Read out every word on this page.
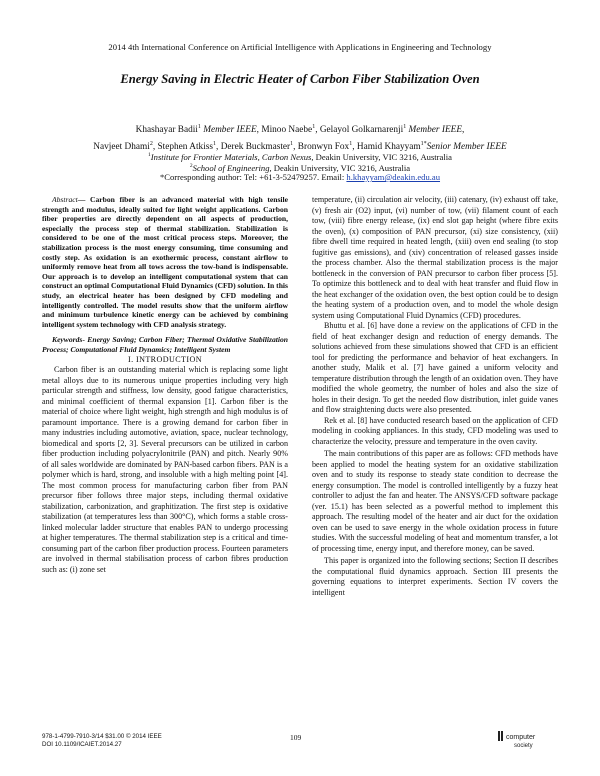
2014 4th International Conference on Artificial Intelligence with Applications in Engineering and Technology
Energy Saving in Electric Heater of Carbon Fiber Stabilization Oven
Khashayar Badii$^1$ Member IEEE, Minoo Naebe$^1$, Gelayol Golkarnarenji$^1$ Member IEEE,
Navjeet Dhami$^2$, Stephen Atkiss$^1$, Derek Buckmaster$^1$, Bronwyn Fox$^1$, Hamid Khayyam$^{1*}$Senior Member IEEE
$^1$Institute for Frontier Materials, Carbon Nexus, Deakin University, VIC 3216, Australia
$^2$School of Engineering, Deakin University, VIC 3216, Australia
*Corresponding author: Tel: +61-3-52479257. Email: h.khayyam@deakin.edu.au

Abstract— Carbon fiber is an advanced material with high tensile strength and modulus, ideally suited for light weight applications. Carbon fiber properties are directly dependent on all aspects of production, especially the process step of thermal stabilization. Stabilization is considered to be one of the most critical process steps. Moreover, the stabilization process is the most energy consuming, time consuming and costly step. As oxidation is an exothermic process, constant airflow to uniformly remove heat from all tows across the tow-band is indispensable. Our approach is to develop an intelligent computational system that can construct an optimal Computational Fluid Dynamics (CFD) solution. In this study, an electrical heater has been designed by CFD modeling and intelligently controlled. The model results show that the uniform airflow and minimum turbulence kinetic energy can be achieved by combining intelligent system technology with CFD analysis strategy.

Keywords- Energy Saving; Carbon Fiber; Thermal Oxidative Stabilization Process; Computational Fluid Dynamics; Intelligent System

I. INTRODUCTION

Carbon fiber is an outstanding material which is replacing some light metal alloys due to its numerous unique properties including very high particular strength and stiffness, low density, good fatigue characteristics, and minimal coefficient of thermal expansion [1]. Carbon fiber is the material of choice where light weight, high strength and high modulus is of paramount importance. There is a growing demand for carbon fiber in many industries including automotive, aviation, space, nuclear technology, biomedical and sports [2, 3]. Several precursors can be utilized in carbon fiber production including polyacrylonitrile (PAN) and pitch. Nearly 90% of all sales worldwide are dominated by PAN-based carbon fibers. PAN is a polymer which is hard, strong, and insoluble with a high melting point [4]. The most common process for manufacturing carbon fiber from PAN precursor fiber follows three major steps, including thermal oxidative stabilization, carbonization, and graphitization. The first step is oxidative stabilization (at temperatures less than 300°C), which forms a stable cross-linked molecular ladder structure that enables PAN to undergo processing at higher temperatures. The thermal stabilization step is a critical and time-consuming part of the carbon fiber production process. Fourteen parameters are involved in thermal stabilisation process of carbon fibres production such as: (i) zone set

temperature, (ii) circulation air velocity, (iii) catenary, (iv) exhaust off take, (v) fresh air (O2) input, (vi) number of tow, (vii) filament count of each tow, (viii) fibre energy release, (ix) end slot gap height (where fibre exits the oven), (x) composition of PAN precursor, (xi) size consistency, (xii) fibre dwell time required in heated length, (xiii) oven end sealing (to stop fugitive gas emissions), and (xiv) concentration of released gasses inside the process chamber. Also the thermal stabilization process is the major bottleneck in the conversion of PAN precursor to carbon fiber process [5]. To optimize this bottleneck and to deal with heat transfer and fluid flow in the heat exchanger of the oxidation oven, the best option could be to design the heating system of a production oven, and to model the whole design system using Computational Fluid Dynamics (CFD) procedures.

Bhuttu et al. [6] have done a review on the applications of CFD in the field of heat exchanger design and reduction of energy demands. The solutions achieved from these simulations showed that CFD is an efficient tool for predicting the performance and behavior of heat exchangers. In another study, Malik et al. [7] have gained a uniform velocity and temperature distribution through the length of an oxidation oven. They have modified the whole geometry, the number of holes and also the size of holes in their design. To get the needed flow distribution, inlet guide vanes and flow straightening ducts were also presented.

Rek et al. [8] have conducted research based on the application of CFD modeling in cooking appliances. In this study, CFD modeling was used to characterize the velocity, pressure and temperature in the oven cavity.

The main contributions of this paper are as follows: CFD methods have been applied to model the heating system for an oxidative stabilization oven and to study its response to steady state condition to decrease the energy consumption. The model is controlled intelligently by a fuzzy heat controller to adjust the fan and heater. The ANSYS/CFD software package (ver. 15.1) has been selected as a powerful method to implement this approach. The resulting model of the heater and air duct for the oxidation oven can be used to save energy in the whole oxidation process in future studies. With the successful modeling of heat and momentum transfer, a lot of processing time, energy input, and therefore money, can be saved.

This paper is organized into the following sections; Section II describes the computational fluid dynamics approach. Section III presents the governing equations to interpret experiments. Section IV covers the intelligent

978-1-4799-7910-3/14 $31.00 © 2014 IEEE
DOI 10.1109/ICAIET.2014.27
109	computer
society
